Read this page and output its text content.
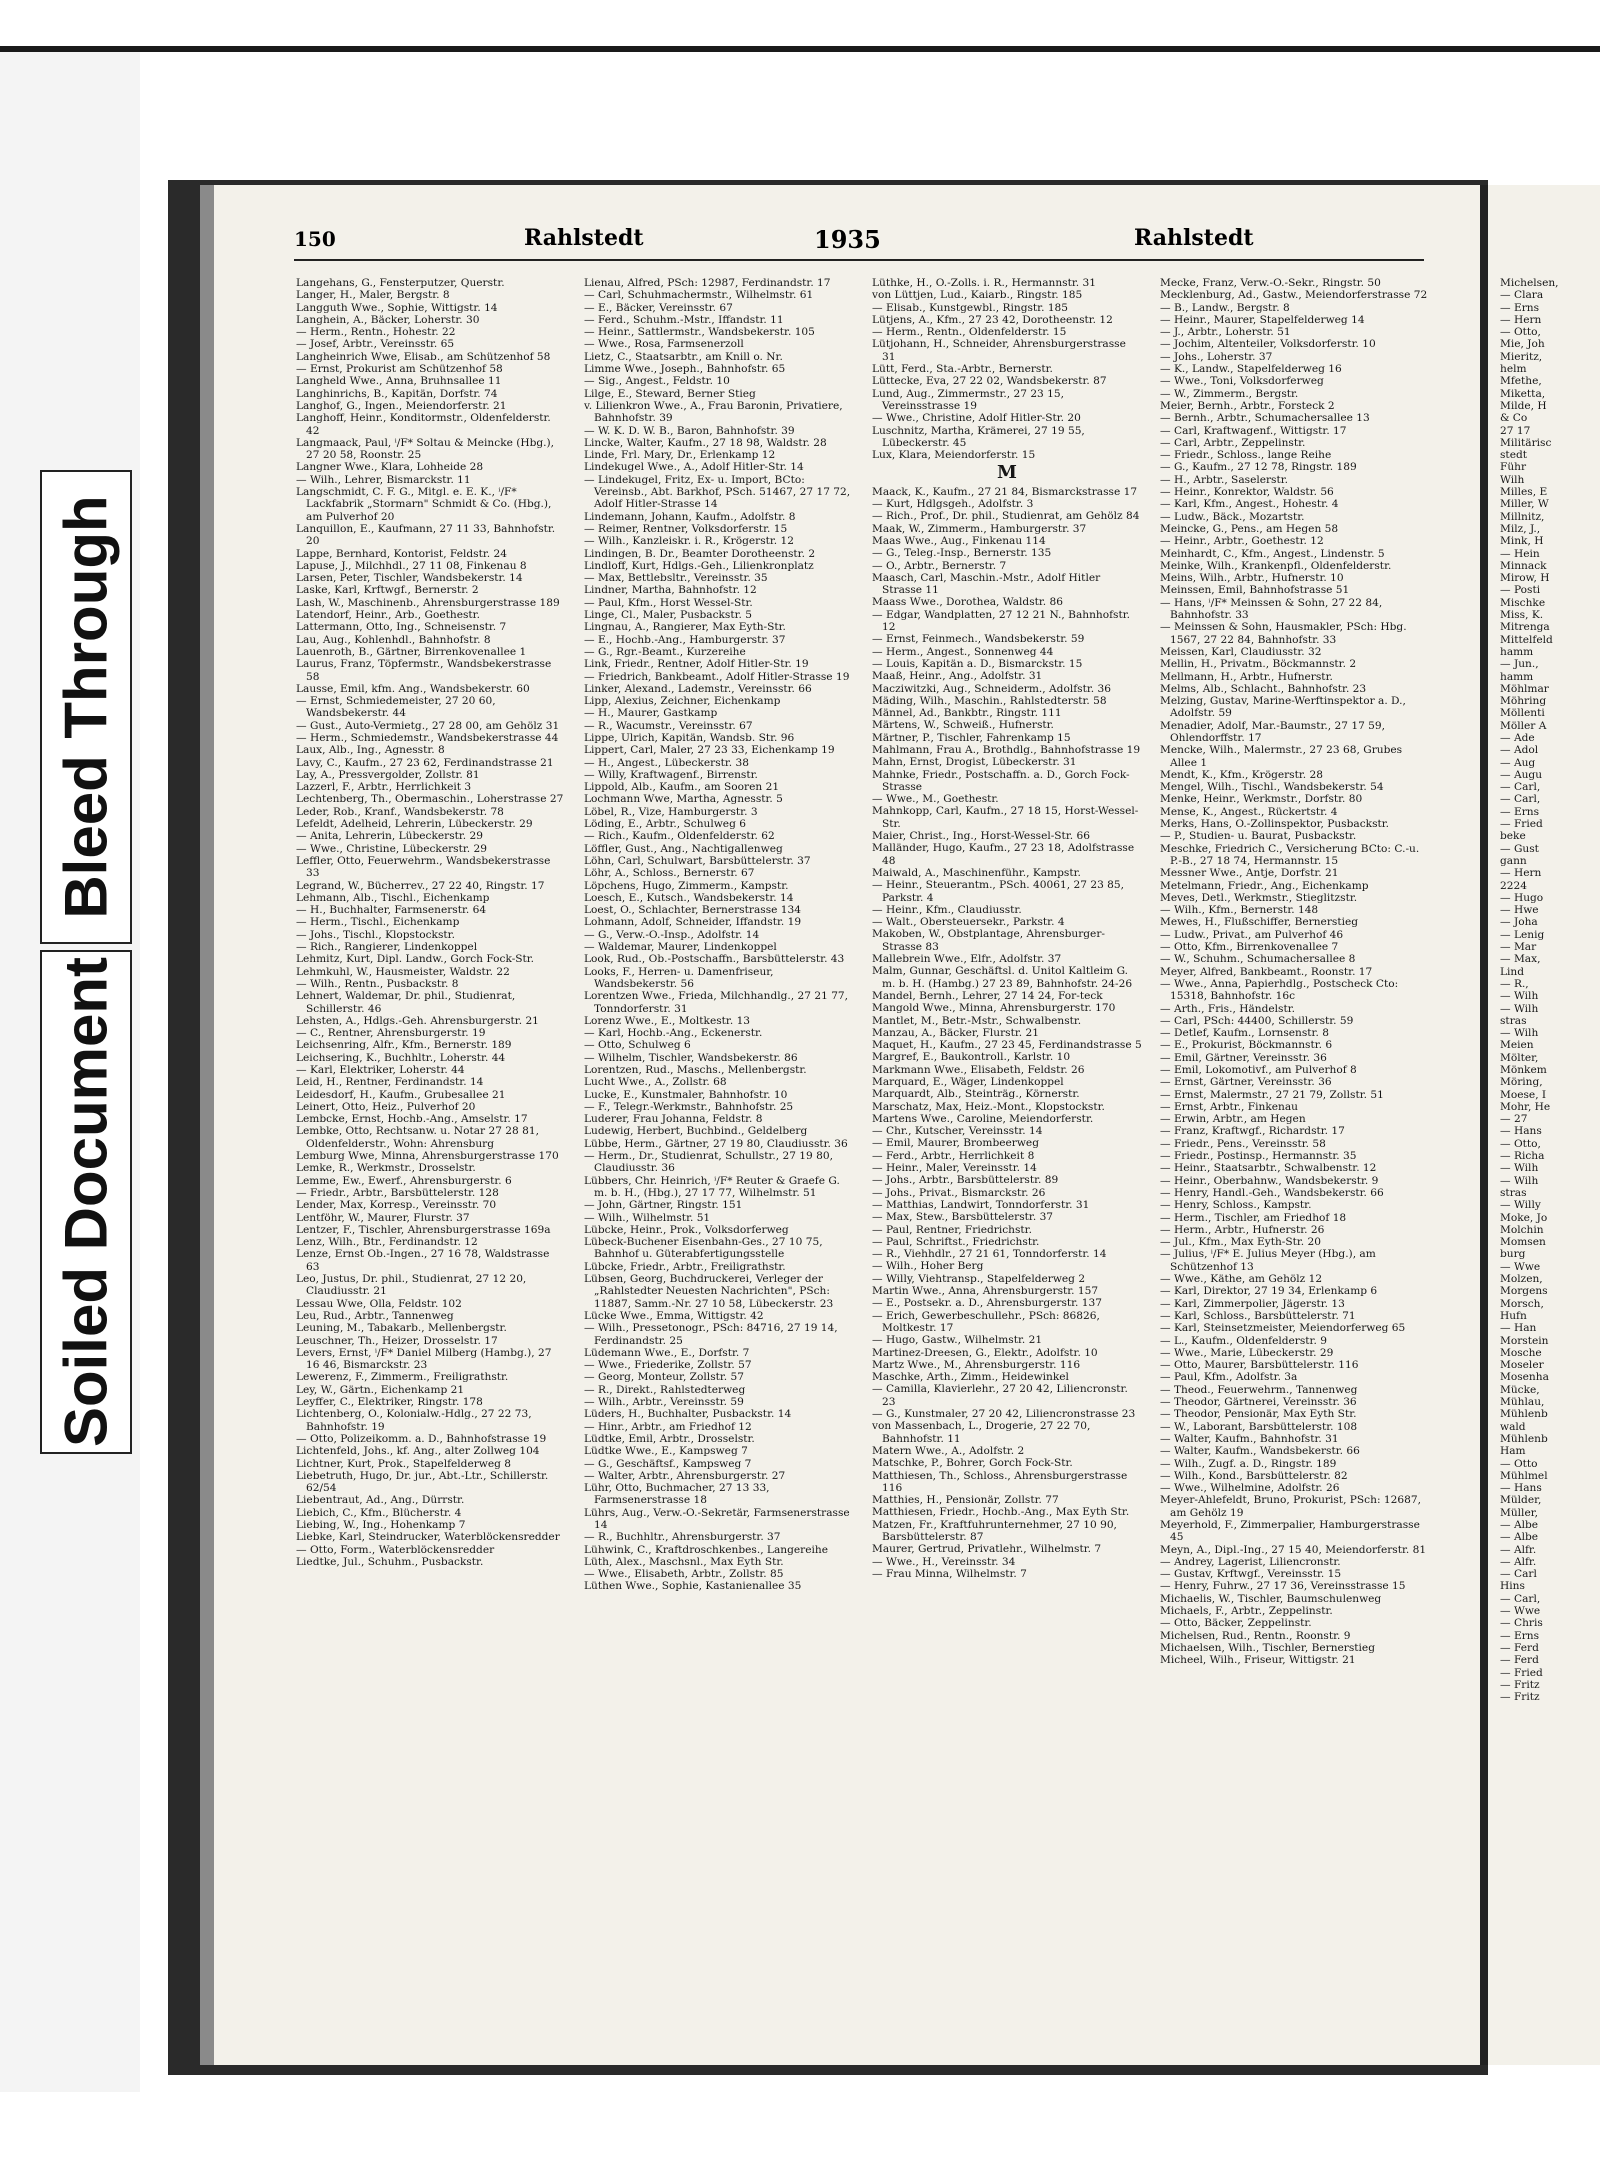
Bleed Through
Soiled Document
150	Rahlstedt	1935	Rahlstedt

Langehans, G., Fensterputzer, Querstr.

Langer, H., Maler, Bergstr. 8

Langguth Wwe., Sophie, Wittigstr. 14

Langhein, A., Bäcker, Loherstr. 30

— Herm., Rentn., Hohestr. 22

— Josef, Arbtr., Vereinsstr. 65

Langheinrich Wwe, Elisab., am Schützenhof 58

— Ernst, Prokurist am Schützenhof 58

Langheld Wwe., Anna, Bruhnsallee 11

Langhinrichs, B., Kapitän, Dorfstr. 74

Langhof, G., Ingen., Meiendorferstr. 21

Langhoff, Heinr., Konditormstr., Oldenfelderstr. 42

Langmaack, Paul, ⁱ/F* Soltau & Meincke (Hbg.), 27 20 58, Roonstr. 25

Langner Wwe., Klara, Lohheide 28

— Wilh., Lehrer, Bismarckstr. 11

Langschmidt, C. F. G., Mitgl. e. E. K., ⁱ/F* Lackfabrik „Stormarn" Schmidt & Co. (Hbg.), am Pulverhof 20

Lanquillon, E., Kaufmann, 27 11 33, Bahnhofstr. 20

Lappe, Bernhard, Kontorist, Feldstr. 24

Lapuse, J., Milchhdl., 27 11 08, Finkenau 8

Larsen, Peter, Tischler, Wandsbekerstr. 14

Laske, Karl, Krftwgf., Bernerstr. 2

Lash, W., Maschinenb., Ahrensburgerstrasse 189

Latendorf, Heinr., Arb., Goethestr.

Lattermann, Otto, Ing., Schneisenstr. 7

Lau, Aug., Kohlenhdl., Bahnhofstr. 8

Lauenroth, B., Gärtner, Birrenkovenallee 1

Laurus, Franz, Töpfermstr., Wandsbekerstrasse 58

Lausse, Emil, kfm. Ang., Wandsbekerstr. 60

— Ernst, Schmiedemeister, 27 20 60, Wandsbekerstr. 44

— Gust., Auto-Vermietg., 27 28 00, am Gehölz 31

— Herm., Schmiedemstr., Wandsbekerstrasse 44

Laux, Alb., Ing., Agnesstr. 8

Lavy, C., Kaufm., 27 23 62, Ferdinandstrasse 21

Lay, A., Pressvergolder, Zollstr. 81

Lazzerl, F., Arbtr., Herrlichkeit 3

Lechtenberg, Th., Obermaschin., Loherstrasse 27

Leder, Rob., Kranf., Wandsbekerstr. 78

Lefeldt, Adelheid, Lehrerin, Lübeckerstr. 29

— Anita, Lehrerin, Lübeckerstr. 29

— Wwe., Christine, Lübeckerstr. 29

Leffler, Otto, Feuerwehrm., Wandsbekerstrasse 33

Legrand, W., Bücherrev., 27 22 40, Ringstr. 17

Lehmann, Alb., Tischl., Eichenkamp

— H., Buchhalter, Farmsenerstr. 64

— Herm., Tischl., Eichenkamp

— Johs., Tischl., Klopstockstr.

— Rich., Rangierer, Lindenkoppel

Lehmitz, Kurt, Dipl. Landw., Gorch Fock-Str.

Lehmkuhl, W., Hausmeister, Waldstr. 22

— Wilh., Rentn., Pusbackstr. 8

Lehnert, Waldemar, Dr. phil., Studienrat, Schillerstr. 46

Lehsten, A., Hdlgs.-Geh. Ahrensburgerstr. 21

— C., Rentner, Ahrensburgerstr. 19

Leichsenring, Alfr., Kfm., Bernerstr. 189

Leichsering, K., Buchhltr., Loherstr. 44

— Karl, Elektriker, Loherstr. 44

Leid, H., Rentner, Ferdinandstr. 14

Leidesdorf, H., Kaufm., Grubesallee 21

Leinert, Otto, Heiz., Pulverhof 20

Lembcke, Ernst, Hochb.-Ang., Amselstr. 17

Lembke, Otto, Rechtsanw. u. Notar 27 28 81, Oldenfelderstr., Wohn: Ahrensburg

Lemburg Wwe, Minna, Ahrensburgerstrasse 170

Lemke, R., Werkmstr., Drosselstr.

Lemme, Ew., Ewerf., Ahrensburgerstr. 6

— Friedr., Arbtr., Barsbüttelerstr. 128

Lender, Max, Korresp., Vereinsstr. 70

Lentföhr, W., Maurer, Flurstr. 37

Lentzer, F., Tischler, Ahrensburgerstrasse 169a

Lenz, Wilh., Btr., Ferdinandstr. 12

Lenze, Ernst Ob.-Ingen., 27 16 78, Waldstrasse 63

Leo, Justus, Dr. phil., Studienrat, 27 12 20, Claudiusstr. 21

Lessau Wwe, Olla, Feldstr. 102

Leu, Rud., Arbtr., Tannenweg

Leuning, M., Tabakarb., Mellenbergstr.

Leuschner, Th., Heizer, Drosselstr. 17

Levers, Ernst, ⁱ/F* Daniel Milberg (Hambg.), 27 16 46, Bismarckstr. 23

Lewerenz, F., Zimmerm., Freiligrathstr.

Ley, W., Gärtn., Eichenkamp 21

Leyffer, C., Elektriker, Ringstr. 178

Lichtenberg, O., Kolonialw.-Hdlg., 27 22 73, Bahnhofstr. 19

— Otto, Polizeikomm. a. D., Bahnhofstrasse 19

Lichtenfeld, Johs., kf. Ang., alter Zollweg 104

Lichtner, Kurt, Prok., Stapelfelderweg 8

Liebetruth, Hugo, Dr. jur., Abt.-Ltr., Schillerstr. 62/54

Liebentraut, Ad., Ang., Dürrstr.

Liebich, C., Kfm., Blücherstr. 4

Liebing, W., Ing., Hohenkamp 7

Liebke, Karl, Steindrucker, Waterblöckensredder

— Otto, Form., Waterblöckensredder

Liedtke, Jul., Schuhm., Pusbackstr.

Lienau, Alfred, PSch: 12987, Ferdinandstr. 17

— Carl, Schuhmachermstr., Wilhelmstr. 61

— E., Bäcker, Vereinsstr. 67

— Ferd., Schuhm.-Mstr., Iffandstr. 11

— Heinr., Sattlermstr., Wandsbekerstr. 105

— Wwe., Rosa, Farmsenerzoll

Lietz, C., Staatsarbtr., am Knill o. Nr.

Limme Wwe., Joseph., Bahnhofstr. 65

— Sig., Angest., Feldstr. 10

Lilge, E., Steward, Berner Stieg

v. Lilienkron Wwe., A., Frau Baronin, Privatiere, Bahnhofstr. 39

— W. K. D. W. B., Baron, Bahnhofstr. 39

Lincke, Walter, Kaufm., 27 18 98, Waldstr. 28

Linde, Frl. Mary, Dr., Erlenkamp 12

Lindekugel Wwe., A., Adolf Hitler-Str. 14

— Lindekugel, Fritz, Ex- u. Import, BCto: Vereinsb., Abt. Barkhof, PSch. 51467, 27 17 72, Adolf Hitler-Strasse 14

Lindemann, Johann, Kaufm., Adolfstr. 8

— Reimer, Rentner, Volksdorferstr. 15

— Wilh., Kanzleiskr. i. R., Krögerstr. 12

Lindingen, B. Dr., Beamter Dorotheenstr. 2

Lindloff, Kurt, Hdlgs.-Geh., Lilienkronplatz

— Max, Bettlebsltr., Vereinsstr. 35

Lindner, Martha, Bahnhofstr. 12

— Paul, Kfm., Horst Wessel-Str.

Linge, Cl., Maler, Pusbackstr. 5

Lingnau, A., Rangierer, Max Eyth-Str.

— E., Hochb.-Ang., Hamburgerstr. 37

— G., Rgr.-Beamt., Kurzereihe

Link, Friedr., Rentner, Adolf Hitler-Str. 19

— Friedrich, Bankbeamt., Adolf Hitler-Strasse 19

Linker, Alexand., Lademstr., Vereinsstr. 66

Lipp, Alexius, Zeichner, Eichenkamp

— H., Maurer, Gastkamp

— R., Wacumstr., Vereinsstr. 67

Lippe, Ulrich, Kapitän, Wandsb. Str. 96

Lippert, Carl, Maler, 27 23 33, Eichenkamp 19

— H., Angest., Lübeckerstr. 38

— Willy, Kraftwagenf., Birrenstr.

Lippold, Alb., Kaufm., am Sooren 21

Lochmann Wwe, Martha, Agnesstr. 5

Löbel, R., Vize, Hamburgerstr. 3

Löding, E., Arbtr., Schulweg 6

— Rich., Kaufm., Oldenfelderstr. 62

Löffler, Gust., Ang., Nachtigallenweg

Löhn, Carl, Schulwart, Barsbüttelerstr. 37

Löhr, A., Schloss., Bernerstr. 67

Löpchens, Hugo, Zimmerm., Kampstr.

Loesch, E., Kutsch., Wandsbekerstr. 14

Loest, O., Schlachter, Bernerstrasse 134

Lohmann, Adolf, Schneider, Iffandstr. 19

— G., Verw.-O.-Insp., Adolfstr. 14

— Waldemar, Maurer, Lindenkoppel

Look, Rud., Ob.-Postschaffn., Barsbüttelerstr. 43

Looks, F., Herren- u. Damenfriseur, Wandsbekerstr. 56

Lorentzen Wwe., Frieda, Milchhandlg., 27 21 77, Tonndorferstr. 31

Lorenz Wwe., E., Moltkestr. 13

— Karl, Hochb.-Ang., Eckenerstr.

— Otto, Schulweg 6

— Wilhelm, Tischler, Wandsbekerstr. 86

Lorentzen, Rud., Maschs., Mellenbergstr.

Lucht Wwe., A., Zollstr. 68

Lucke, E., Kunstmaler, Bahnhofstr. 10

— F., Telegr.-Werkmstr., Bahnhofstr. 25

Luderer, Frau Johanna, Feldstr. 8

Ludewig, Herbert, Buchbind., Geldelberg

Lübbe, Herm., Gärtner, 27 19 80, Claudiusstr. 36

— Herm., Dr., Studienrat, Schullstr., 27 19 80, Claudiusstr. 36

Lübbers, Chr. Heinrich, ⁱ/F* Reuter & Graefe G. m. b. H., (Hbg.), 27 17 77, Wilhelmstr. 51

— John, Gärtner, Ringstr. 151

— Wilh., Wilhelmstr. 51

Lübcke, Heinr., Prok., Volksdorferweg

Lübeck-Buchener Eisenbahn-Ges., 27 10 75, Bahnhof u. Güterabfertigungsstelle

Lübcke, Friedr., Arbtr., Freiligrathstr.

Lübsen, Georg, Buchdruckerei, Verleger der „Rahlstedter Neuesten Nachrichten", PSch: 11887, Samm.-Nr. 27 10 58, Lübeckerstr. 23

Lücke Wwe., Emma, Wittigstr. 42

— Wilh., Pressetonogr., PSch: 84716, 27 19 14, Ferdinandstr. 25

Lüdemann Wwe., E., Dorfstr. 7

— Wwe., Friederike, Zollstr. 57

— Georg, Monteur, Zollstr. 57

— R., Direkt., Rahlstedterweg

— Wilh., Arbtr., Vereinsstr. 59

Lüders, H., Buchhalter, Pusbackstr. 14

— Hinr., Arbtr., am Friedhof 12

Lüdtke, Emil, Arbtr., Drosselstr.

Lüdtke Wwe., E., Kampsweg 7

— G., Geschäftsf., Kampsweg 7

— Walter, Arbtr., Ahrensburgerstr. 27

Lühr, Otto, Buchmacher, 27 13 33, Farmsenerstrasse 18

Lührs, Aug., Verw.-O.-Sekretär, Farmsenerstrasse 14

— R., Buchhltr., Ahrensburgerstr. 37

Lühwink, C., Kraftdroschkenbes., Langereihe

Lüth, Alex., Maschsnl., Max Eyth Str.

— Wwe., Elisabeth, Arbtr., Zollstr. 85

Lüthen Wwe., Sophie, Kastanienallee 35

Lüthke, H., O.-Zolls. i. R., Hermannstr. 31

von Lüttjen, Lud., Kaiarb., Ringstr. 185

— Elisab., Kunstgewbl., Ringstr. 185

Lütjens, A., Kfm., 27 23 42, Dorotheenstr. 12

— Herm., Rentn., Oldenfelderstr. 15

Lütjohann, H., Schneider, Ahrensburgerstrasse 31

Lütt, Ferd., Sta.-Arbtr., Bernerstr.

Lüttecke, Eva, 27 22 02, Wandsbekerstr. 87

Lund, Aug., Zimmermstr., 27 23 15, Vereinsstrasse 19

— Wwe., Christine, Adolf Hitler-Str. 20

Luschnitz, Martha, Krämerei, 27 19 55, Lübeckerstr. 45

Lux, Klara, Meiendorferstr. 15

M

Maack, K., Kaufm., 27 21 84, Bismarckstrasse 17

— Kurt, Hdlgsgeh., Adolfstr. 3

— Rich., Prof., Dr. phil., Studienrat, am Gehölz 84

Maak, W., Zimmerm., Hamburgerstr. 37

Maas Wwe., Aug., Finkenau 114

— G., Teleg.-Insp., Bernerstr. 135

— O., Arbtr., Bernerstr. 7

Maasch, Carl, Maschin.-Mstr., Adolf Hitler Strasse 11

Maass Wwe., Dorothea, Waldstr. 86

— Edgar, Wandplatten, 27 12 21 N., Bahnhofstr. 12

— Ernst, Feinmech., Wandsbekerstr. 59

— Herm., Angest., Sonnenweg 44

— Louis, Kapitän a. D., Bismarckstr. 15

Maaß, Heinr., Ang., Adolfstr. 31

Macziwitzki, Aug., Schneiderm., Adolfstr. 36

Mäding, Wilh., Maschin., Rahlstedterstr. 58

Männel, Ad., Bankbtr., Ringstr. 111

Märtens, W., Schweiß., Hufnerstr.

Märtner, P., Tischler, Fahrenkamp 15

Mahlmann, Frau A., Brothdlg., Bahnhofstrasse 19

Mahn, Ernst, Drogist, Lübeckerstr. 31

Mahnke, Friedr., Postschaffn. a. D., Gorch Fock-Strasse

— Wwe., M., Goethestr.

Mahnkopp, Carl, Kaufm., 27 18 15, Horst-Wessel-Str.

Maier, Christ., Ing., Horst-Wessel-Str. 66

Malländer, Hugo, Kaufm., 27 23 18, Adolfstrasse 48

Maiwald, A., Maschinenführ., Kampstr.

— Heinr., Steuerantm., PSch. 40061, 27 23 85, Parkstr. 4

— Heinr., Kfm., Claudiusstr.

— Walt., Obersteuersekr., Parkstr. 4

Makoben, W., Obstplantage, Ahrensburger-Strasse 83

Mallebrein Wwe., Elfr., Adolfstr. 37

Malm, Gunnar, Geschäftsl. d. Unitol Kaltleim G. m. b. H. (Hambg.) 27 23 89, Bahnhofstr. 24-26

Mandel, Bernh., Lehrer, 27 14 24, For-teck

Mangold Wwe., Minna, Ahrensburgerstr. 170

Mantlet, M., Betr.-Mstr., Schwalbenstr.

Manzau, A., Bäcker, Flurstr. 21

Maquet, H., Kaufm., 27 23 45, Ferdinandstrasse 5

Margref, E., Baukontroll., Karlstr. 10

Markmann Wwe., Elisabeth, Feldstr. 26

Marquard, E., Wäger, Lindenkoppel

Marquardt, Alb., Steinträg., Körnerstr.

Marschatz, Max, Heiz.-Mont., Klopstockstr.

Martens Wwe., Caroline, Meiendorferstr.

— Chr., Kutscher, Vereinsstr. 14

— Emil, Maurer, Brombeerweg

— Ferd., Arbtr., Herrlichkeit 8

— Heinr., Maler, Vereinsstr. 14

— Johs., Arbtr., Barsbüttelerstr. 89

— Johs., Privat., Bismarckstr. 26

— Matthias, Landwirt, Tonndorferstr. 31

— Max, Stew., Barsbüttelerstr. 37

— Paul, Rentner, Friedrichstr.

— Paul, Schriftst., Friedrichstr.

— R., Viehhdlr., 27 21 61, Tonndorferstr. 14

— Wilh., Hoher Berg

— Willy, Viehtransp., Stapelfelderweg 2

Martin Wwe., Anna, Ahrensburgerstr. 157

— E., Postsekr. a. D., Ahrensburgerstr. 137

— Erich, Gewerbeschullehr., PSch: 86826, Moltkestr. 17

— Hugo, Gastw., Wilhelmstr. 21

Martinez-Dreesen, G., Elektr., Adolfstr. 10

Martz Wwe., M., Ahrensburgerstr. 116

Maschke, Arth., Zimm., Heidewinkel

— Camilla, Klavierlehr., 27 20 42, Liliencronstr. 23

— G., Kunstmaler, 27 20 42, Liliencronstrasse 23

von Massenbach, L., Drogerie, 27 22 70, Bahnhofstr. 11

Matern Wwe., A., Adolfstr. 2

Matschke, P., Bohrer, Gorch Fock-Str.

Matthiesen, Th., Schloss., Ahrensburgerstrasse 116

Matthies, H., Pensionär, Zollstr. 77

Matthiesen, Friedr., Hochb.-Ang., Max Eyth Str.

Matzen, Fr., Kraftfuhrunternehmer, 27 10 90, Barsbüttelerstr. 87

Maurer, Gertrud, Privatlehr., Wilhelmstr. 7

— Wwe., H., Vereinsstr. 34

— Frau Minna, Wilhelmstr. 7

Mecke, Franz, Verw.-O.-Sekr., Ringstr. 50

Mecklenburg, Ad., Gastw., Meiendorferstrasse 72

— B., Landw., Bergstr. 8

— Heinr., Maurer, Stapelfelderweg 14

— J., Arbtr., Loherstr. 51

— Jochim, Altenteiler, Volksdorferstr. 10

— Johs., Loherstr. 37

— K., Landw., Stapelfelderweg 16

— Wwe., Toni, Volksdorferweg

— W., Zimmerm., Bergstr.

Meier, Bernh., Arbtr., Forsteck 2

— Bernh., Arbtr., Schumachersallee 13

— Carl, Kraftwagenf., Wittigstr. 17

— Carl, Arbtr., Zeppelinstr.

— Friedr., Schloss., lange Reihe

— G., Kaufm., 27 12 78, Ringstr. 189

— H., Arbtr., Saselerstr.

— Heinr., Konrektor, Waldstr. 56

— Karl, Kfm., Angest., Hohestr. 4

— Ludw., Bäck., Mozartstr.

Meincke, G., Pens., am Hegen 58

— Heinr., Arbtr., Goethestr. 12

Meinhardt, C., Kfm., Angest., Lindenstr. 5

Meinke, Wilh., Krankenpfl., Oldenfelderstr.

Meins, Wilh., Arbtr., Hufnerstr. 10

Meinssen, Emil, Bahnhofstrasse 51

— Hans, ⁱ/F* Meinssen & Sohn, 27 22 84, Bahnhofstr. 33

— Meinssen & Sohn, Hausmakler, PSch: Hbg. 1567, 27 22 84, Bahnhofstr. 33

Meissen, Karl, Claudiusstr. 32

Mellin, H., Privatm., Böckmannstr. 2

Mellmann, H., Arbtr., Hufnerstr.

Melms, Alb., Schlacht., Bahnhofstr. 23

Melzing, Gustav, Marine-Werftinspektor a. D., Adolfstr. 59

Menadier, Adolf, Mar.-Baumstr., 27 17 59, Ohlendorffstr. 17

Mencke, Wilh., Malermstr., 27 23 68, Grubes Allee 1

Mendt, K., Kfm., Krögerstr. 28

Mengel, Wilh., Tischl., Wandsbekerstr. 54

Menke, Heinr., Werkmstr., Dorfstr. 80

Mense, K., Angest., Rückertstr. 4

Merks, Hans, O.-Zollinspektor, Pusbackstr.

— P., Studien- u. Baurat, Pusbackstr.

Meschke, Friedrich C., Versicherung BCto: C.-u. P.-B., 27 18 74, Hermannstr. 15

Messner Wwe., Antje, Dorfstr. 21

Metelmann, Friedr., Ang., Eichenkamp

Meves, Detl., Werkmstr., Stieglitzstr.

— Wilh., Kfm., Bernerstr. 148

Mewes, H., Flußschiffer, Bernerstieg

— Ludw., Privat., am Pulverhof 46

— Otto, Kfm., Birrenkovenallee 7

— W., Schuhm., Schumachersallee 8

Meyer, Alfred, Bankbeamt., Roonstr. 17

— Wwe., Anna, Papierhdlg., Postscheck Cto: 15318, Bahnhofstr. 16c

— Arth., Fris., Händelstr.

— Carl, PSch: 44400, Schillerstr. 59

— Detlef, Kaufm., Lornsenstr. 8

— E., Prokurist, Böckmannstr. 6

— Emil, Gärtner, Vereinsstr. 36

— Emil, Lokomotivf., am Pulverhof 8

— Ernst, Gärtner, Vereinsstr. 36

— Ernst, Malermstr., 27 21 79, Zollstr. 51

— Ernst, Arbtr., Finkenau

— Erwin, Arbtr., am Hegen

— Franz, Kraftwgf., Richardstr. 17

— Friedr., Pens., Vereinsstr. 58

— Friedr., Postinsp., Hermannstr. 35

— Heinr., Staatsarbtr., Schwalbenstr. 12

— Heinr., Oberbahnw., Wandsbekerstr. 9

— Henry, Handl.-Geh., Wandsbekerstr. 66

— Henry, Schloss., Kampstr.

— Herm., Tischler, am Friedhof 18

— Herm., Arbtr., Hufnerstr. 26

— Jul., Kfm., Max Eyth-Str. 20

— Julius, ⁱ/F* E. Julius Meyer (Hbg.), am Schützenhof 13

— Wwe., Käthe, am Gehölz 12

— Karl, Direktor, 27 19 34, Erlenkamp 6

— Karl, Zimmerpolier, Jägerstr. 13

— Karl, Schloss., Barsbüttelerstr. 71

— Karl, Steinsetzmeister, Meiendorferweg 65

— L., Kaufm., Oldenfelderstr. 9

— Wwe., Marie, Lübeckerstr. 29

— Otto, Maurer, Barsbüttelerstr. 116

— Paul, Kfm., Adolfstr. 3a

— Theod., Feuerwehrm., Tannenweg

— Theodor, Gärtnerei, Vereinsstr. 36

— Theodor, Pensionär, Max Eyth Str.

— W., Laborant, Barsbüttelerstr. 108

— Walter, Kaufm., Bahnhofstr. 31

— Walter, Kaufm., Wandsbekerstr. 66

— Wilh., Zugf. a. D., Ringstr. 189

— Wilh., Kond., Barsbüttelerstr. 82

— Wwe., Wilhelmine, Adolfstr. 26

Meyer-Ahlefeldt, Bruno, Prokurist, PSch: 12687, am Gehölz 19

Meyerhold, F., Zimmerpalier, Hamburgerstrasse 45

Meyn, A., Dipl.-Ing., 27 15 40, Meiendorferstr. 81

— Andrey, Lagerist, Liliencronstr.

— Gustav, Krftwgf., Vereinsstr. 15

— Henry, Fuhrw., 27 17 36, Vereinsstrasse 15

Michaelis, W., Tischler, Baumschulenweg

Michaels, F., Arbtr., Zeppelinstr.

— Otto, Bäcker, Zeppelinstr.

Michelsen, Rud., Rentn., Roonstr. 9

Michaelsen, Wilh., Tischler, Bernerstieg

Micheel, Wilh., Friseur, Wittigstr. 21

Michelsen,

— Clara

— Erns

— Hern

— Otto,

Mie, Joh

Mieritz,

helm

Mfethe,

Miketta,

Milde, H

& Co

27 17

Militärisc

stedt

Führ

Wilh

Milles, E

Miller, W

Millnitz,

Milz, J.,

Mink, H

— Hein

Minnack

Mirow, H

— Posti

Mischke

Miss, K.

Mitrenga

Mittelfeld

hamm

— Jun.,

hamm

Möhlmar

Möhring

Möllenti

Möller A

— Ade

— Adol

— Aug

— Augu

— Carl,

— Carl,

— Erns

— Fried

beke

— Gust

gann

— Hern

2224

— Hugo

— Hwe

— Joha

— Lenig

— Mar

— Max,

Lind

— R.,

— Wilh

— Wilh

stras

— Wilh

Meien

Mölter,

Mönkem

Möring,

Moese, I

Mohr, He

— 27

— Hans

— Otto,

— Richa

— Wilh

— Wilh

stras

— Willy

Moke, Jo

Molchin

Momsen

burg

— Wwe

Molzen,

Morgens

Morsch,

Hufn

— Han

Morstein

Mosche

Moseler

Mosenha

Mücke,

Mühlau,

Mühlenb

wald

Mühlenb

Ham

— Otto

Mühlmel

— Hans

Mülder,

Müller,

— Albe

— Albe

— Alfr.

— Alfr.

— Carl

Hins

— Carl,

— Wwe

— Chris

— Erns

— Ferd

— Ferd

— Fried

— Fritz

— Fritz
